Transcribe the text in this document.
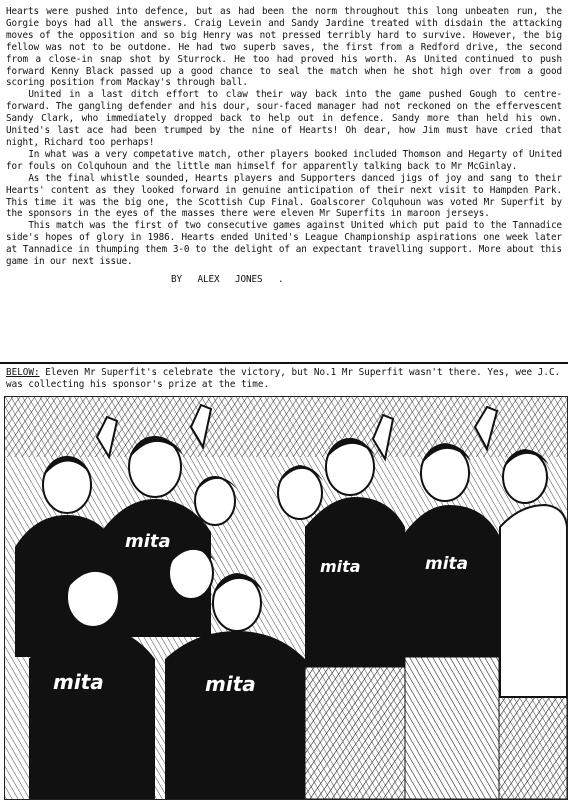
Hearts were pushed into defence, but as had been the norm throughout this long unbeaten run, the Gorgie boys had all the answers. Craig Levein and Sandy Jardine treated with disdain the attacking moves of the opposition and so big Henry was not pressed terribly hard to survive. However, the big fellow was not to be outdone. He had two superb saves, the first from a Redford drive, the second from a close-in snap shot by Sturrock. He too had proved his worth. As United continued to push forward Kenny Black passed up a good chance to seal the match when he shot high over from a good scoring position from Mackay's through ball.

United in a last ditch effort to claw their way back into the game pushed Gough to centre-forward. The gangling defender and his dour, sour-faced manager had not reckoned on the effervescent Sandy Clark, who immediately dropped back to help out in defence. Sandy more than held his own. United's last ace had been trumped by the nine of Hearts! Oh dear, how Jim must have cried that night, Richard too perhaps!

In what was a very competative match, other players booked included Thomson and Hegarty of United for fouls on Colquhoun and the little man himself for apparently talking back to Mr McGinlay.

As the final whistle sounded, Hearts players and Supporters danced jigs of joy and sang to their Hearts' content as they looked forward in genuine anticipation of their next visit to Hampden Park. This time it was the big one, the Scottish Cup Final. Goalscorer Colquhoun was voted Mr Superfit by the sponsors in the eyes of the masses there were eleven Mr Superfits in maroon jerseys.

This match was the first of two consecutive games against United which put paid to the Tannadice side's hopes of glory in 1986. Hearts ended United's League Championship aspirations one week later at Tannadice in thumping them 3-0 to the delight of an expectant travelling support. More about this game in our next issue.

BY ALEX JONES .
BELOW: Eleven Mr Superfit's celebrate the victory, but No.1 Mr Superfit wasn't there. Yes, wee J.C. was collecting his sponsor's prize at the time.
mita
mita	mita
mita	mita
